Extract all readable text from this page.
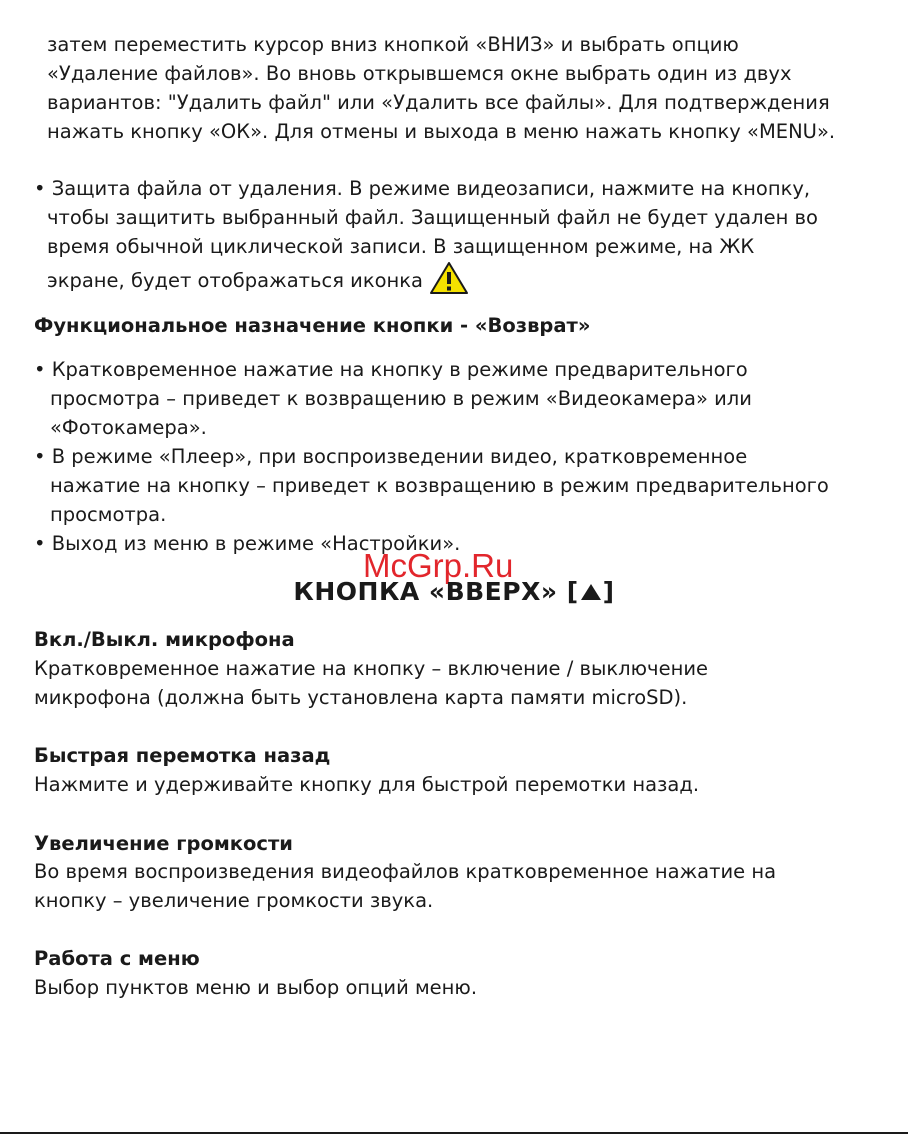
затем переместить курсор вниз кнопкой «ВНИЗ» и выбрать опцию
«Удаление файлов». Во вновь открывшемся окне выбрать один из двух
вариантов: "Удалить файл" или «Удалить все файлы». Для подтверждения
нажать кнопку «ОК». Для отмены и выхода в меню нажать кнопку «MENU».
• Защита файла от удаления. В режиме видеозаписи, нажмите на кнопку,
чтобы защитить выбранный файл. Защищенный файл не будет удален во
время обычной циклической записи. В защищенном режиме, на ЖК
экране, будет отображаться иконка
Функциональное назначение кнопки - «Возврат»
• Кратковременное нажатие на кнопку в режиме предварительного
просмотра – приведет к возвращению в режим «Видеокамера» или
«Фотокамера».
• В режиме «Плеер», при воспроизведении видео, кратковременное
нажатие на кнопку – приведет к возвращению в режим предварительного
просмотра.
• Выход из меню в режиме «Настройки».
McGrp.Ru
КНОПКА «ВВЕРХ» [ ]
Вкл./Выкл. микрофона
Кратковременное нажатие на кнопку – включение / выключение
микрофона (должна быть установлена карта памяти microSD).
Быстрая перемотка назад
Нажмите и удерживайте кнопку для быстрой перемотки назад.
Увеличение громкости
Во время воспроизведения видеофайлов кратковременное нажатие на
кнопку – увеличение громкости звука.
Работа с меню
Выбор пунктов меню и выбор опций меню.
